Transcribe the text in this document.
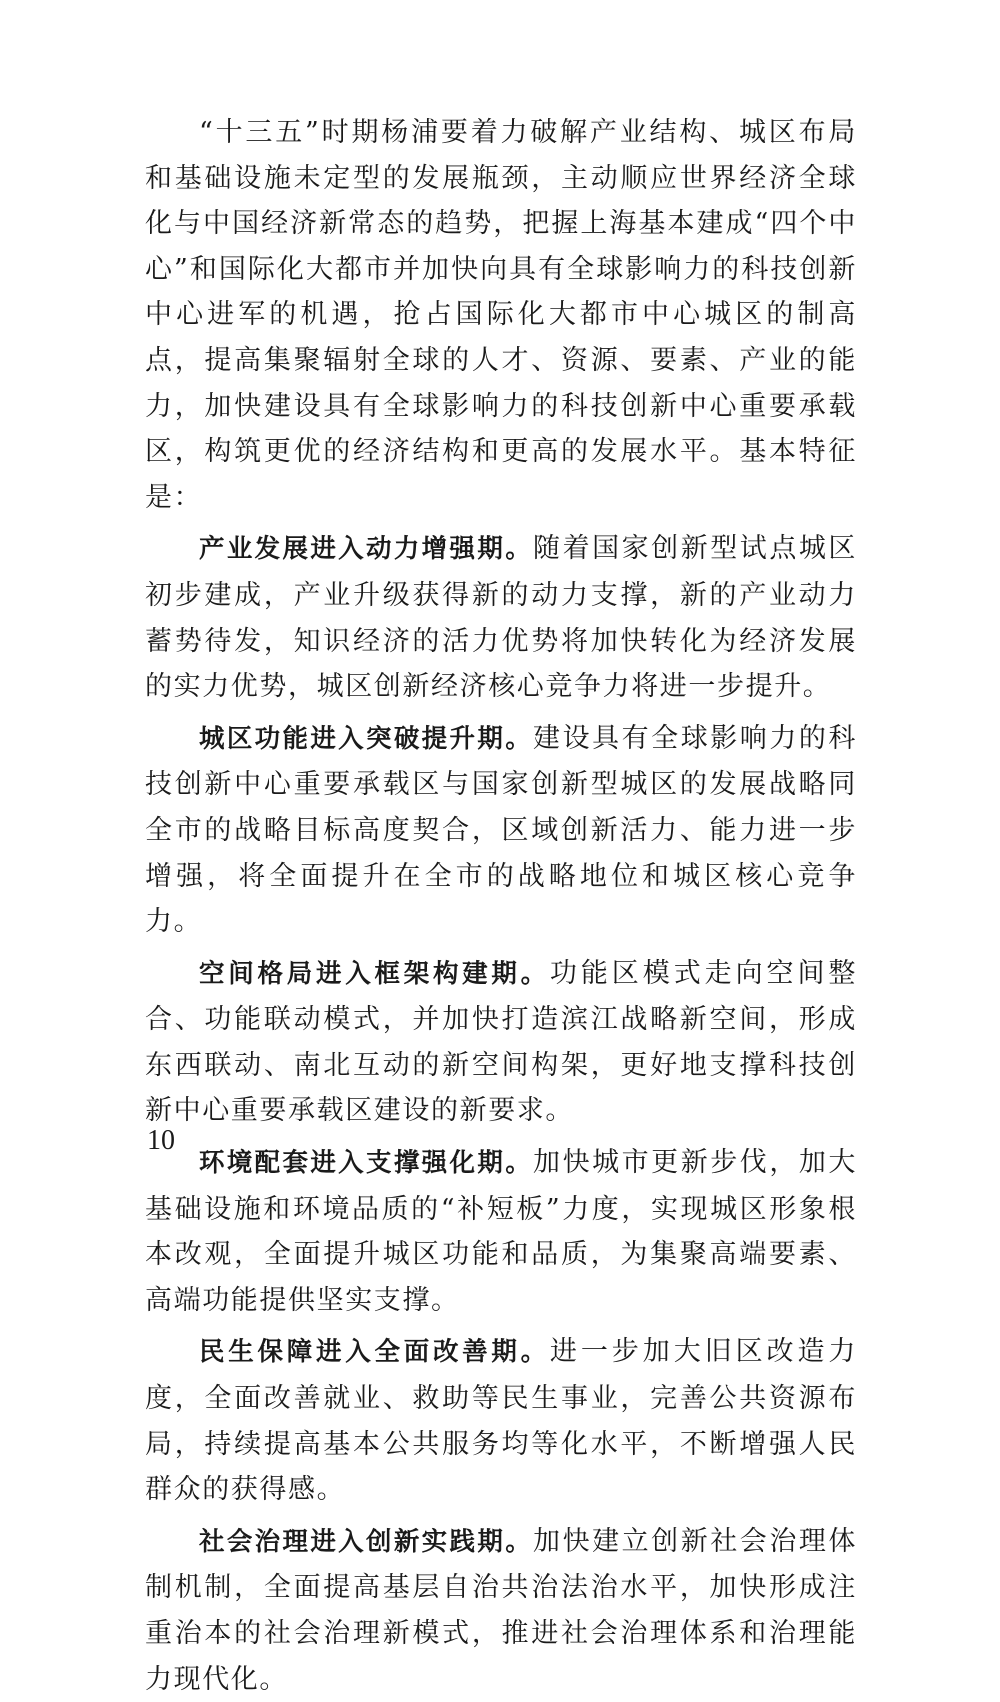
“十三五”时期杨浦要着力破解产业结构、城区布局和基础设施未定型的发展瓶颈，主动顺应世界经济全球化与中国经济新常态的趋势，把握上海基本建成“四个中心”和国际化大都市并加快向具有全球影响力的科技创新中心进军的机遇，抢占国际化大都市中心城区的制高点，提高集聚辐射全球的人才、资源、要素、产业的能力，加快建设具有全球影响力的科技创新中心重要承载区，构筑更优的经济结构和更高的发展水平。基本特征是：

产业发展进入动力增强期。随着国家创新型试点城区初步建成，产业升级获得新的动力支撑，新的产业动力蓄势待发，知识经济的活力优势将加快转化为经济发展的实力优势，城区创新经济核心竞争力将进一步提升。

城区功能进入突破提升期。建设具有全球影响力的科技创新中心重要承载区与国家创新型城区的发展战略同全市的战略目标高度契合，区域创新活力、能力进一步增强，将全面提升在全市的战略地位和城区核心竞争力。

空间格局进入框架构建期。功能区模式走向空间整合、功能联动模式，并加快打造滨江战略新空间，形成东西联动、南北互动的新空间构架，更好地支撑科技创新中心重要承载区建设的新要求。

环境配套进入支撑强化期。加快城市更新步伐，加大基础设施和环境品质的“补短板”力度，实现城区形象根本改观，全面提升城区功能和品质，为集聚高端要素、高端功能提供坚实支撑。

民生保障进入全面改善期。进一步加大旧区改造力度，全面改善就业、救助等民生事业，完善公共资源布局，持续提高基本公共服务均等化水平，不断增强人民群众的获得感。

社会治理进入创新实践期。加快建立创新社会治理体制机制，全面提高基层自治共治法治水平，加快形成注重治本的社会治理新模式，推进社会治理体系和治理能力现代化。

10
